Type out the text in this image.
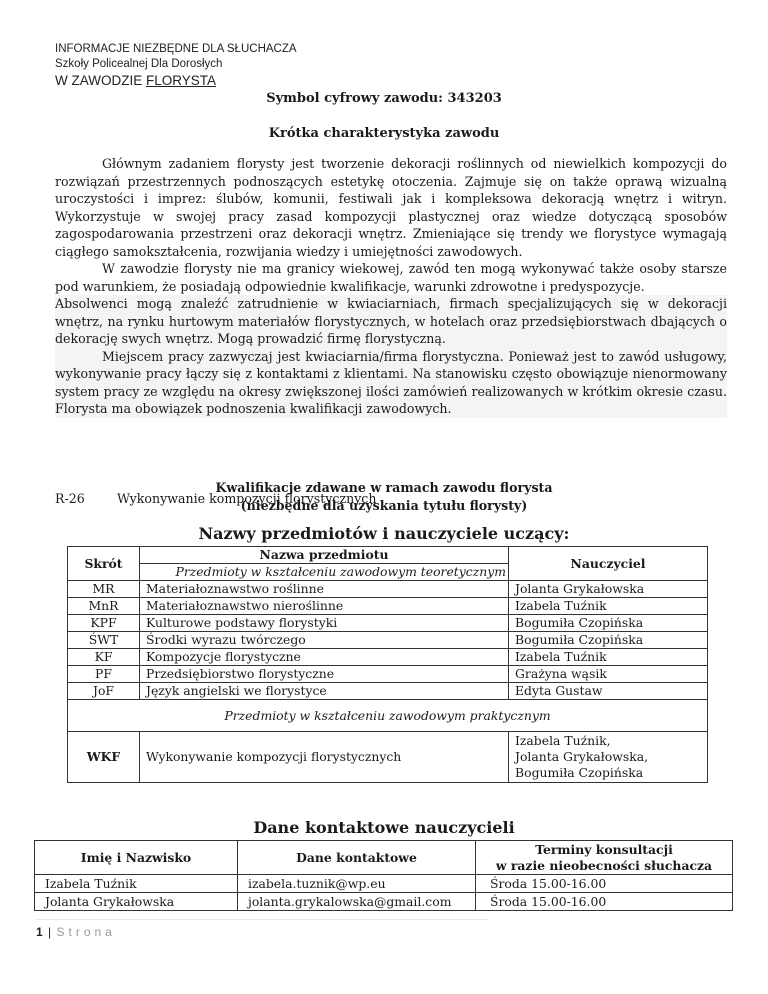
INFORMACJE NIEZBĘDNE DLA SŁUCHACZA
Szkoły Policealnej Dla Dorosłych
W ZAWODZIE FLORYSTA
Symbol cyfrowy zawodu: 343203
Krótka charakterystyka zawodu

Głównym zadaniem florysty jest tworzenie dekoracji roślinnych od niewielkich kompozycji do rozwiązań przestrzennych podnoszących estetykę otoczenia. Zajmuje się on także oprawą wizualną uroczystości i imprez: ślubów, komunii, festiwali jak i kompleksowa dekoracją wnętrz i witryn. Wykorzystuje w swojej pracy zasad kompozycji plastycznej oraz wiedze dotyczącą sposobów zagospodarowania przestrzeni oraz dekoracji wnętrz. Zmieniające się trendy we florystyce wymagają ciągłego samokształcenia, rozwijania wiedzy i umiejętności zawodowych.

W zawodzie florysty nie ma granicy wiekowej, zawód ten mogą wykonywać także osoby starsze pod warunkiem, że posiadają odpowiednie kwalifikacje, warunki zdrowotne i predyspozycje.

Absolwenci mogą znaleźć zatrudnienie w kwiaciarniach, firmach specjalizujących się w dekoracji wnętrz, na rynku hurtowym materiałów florystycznych, w hotelach oraz przedsiębiorstwach dbających o dekorację swych wnętrz. Mogą prowadzić firmę florystyczną.

Miejscem pracy zazwyczaj jest kwiaciarnia/firma florystyczna. Ponieważ jest to zawód usługowy, wykonywanie pracy łączy się z kontaktami z klientami. Na stanowisku często obowiązuje nienormowany system pracy ze względu na okresy zwiększonej ilości zamówień realizowanych w krótkim okresie czasu. Florysta ma obowiązek podnoszenia kwalifikacji zawodowych.

Kwalifikacje zdawane w ramach zawodu florysta
(niezbędne dla uzyskania tytułu florysty)
R-26	Wykonywanie kompozycji florystycznych
Nazwy przedmiotów i nauczyciele uczący:
Skrót	Nazwa przedmiotu	Nauczyciel
	Przedmioty w kształceniu zawodowym teoretycznym	
MR	Materiałoznawstwo roślinne	Jolanta Grykałowska
MnR	Materiałoznawstwo nieroślinne	Izabela Tuźnik
KPF	Kulturowe podstawy florystyki	Bogumiła Czopińska
ŚWT	Środki wyrazu twórczego	Bogumiła Czopińska
KF	Kompozycje florystyczne	Izabela Tuźnik
PF	Przedsiębiorstwo florystyczne	Grażyna wąsik
JoF	Język angielski we florystyce	Edyta Gustaw
Przedmioty w kształceniu zawodowym praktycznym		
WKF	Wykonywanie kompozycji florystycznych	Izabela Tuźnik,
Jolanta Grykałowska,
Bogumiła Czopińska
Dane kontaktowe nauczycieli
Imię i Nazwisko	Dane kontaktowe	Terminy konsultacji
w razie nieobecności słuchacza

Izabela Tuźnik	izabela.tuznik@wp.eu	Środa 15.00-16.00
Jolanta Grykałowska	jolanta.grykalowska@gmail.com	Środa 15.00-16.00
1 | Strona
